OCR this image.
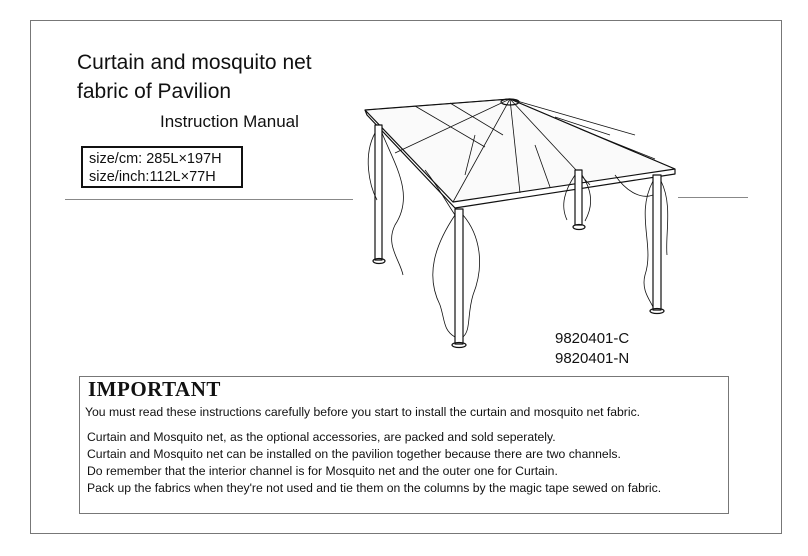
Curtain and mosquito net
fabric of Pavilion
Instruction Manual
size/cm: 285L×197H
size/inch:112L×77H
9820401-C
9820401-N
IMPORTANT
You must read these instructions carefully before you start to install the curtain and mosquito net fabric.
Curtain and Mosquito net, as the optional accessories, are packed and sold seperately.
Curtain and Mosquito net can be installed on the pavilion together because there are two channels.
Do remember that the interior channel is for Mosquito net and the outer one for Curtain.
Pack up the fabrics when they're not used and tie them on the columns by the magic tape sewed on fabric.
